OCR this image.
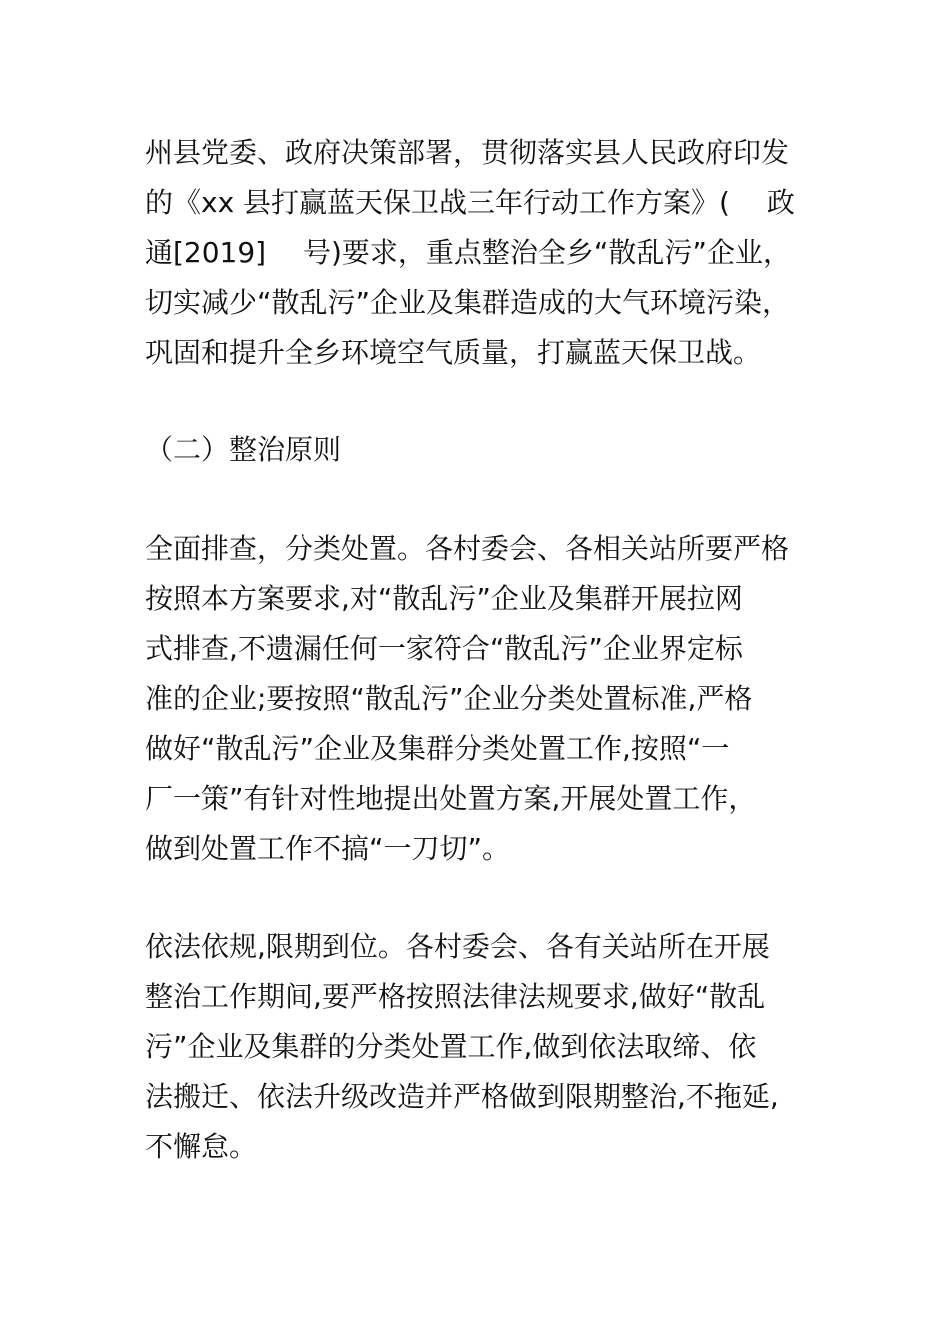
州县党委、政府决策部署，贯彻落实县人民政府印发
的《xx 县打赢蓝天保卫战三年行动工作方案》(　 政
通[2019]　 号)要求，重点整治全乡“散乱污”企业，
切实减少“散乱污”企业及集群造成的大气环境污染，
巩固和提升全乡环境空气质量，打赢蓝天保卫战。
（二）整治原则
全面排查，分类处置。各村委会、各相关站所要严格
按照本方案要求,对“散乱污”企业及集群开展拉网
式排查,不遗漏任何一家符合“散乱污”企业界定标
准的企业;要按照“散乱污”企业分类处置标准,严格
做好“散乱污”企业及集群分类处置工作,按照“一
厂一策”有针对性地提出处置方案,开展处置工作，
做到处置工作不搞“一刀切”。
依法依规,限期到位。各村委会、各有关站所在开展
整治工作期间,要严格按照法律法规要求,做好“散乱
污”企业及集群的分类处置工作,做到依法取缔、依
法搬迁、依法升级改造并严格做到限期整治,不拖延,
不懈怠。
